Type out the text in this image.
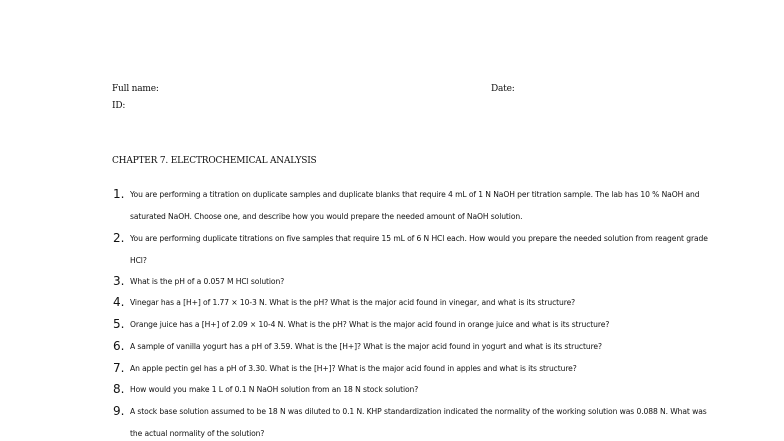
Full name:	Date:
ID:
CHAPTER 7. ELECTROCHEMICAL ANALYSIS
1 .	You are performing a titration on duplicate samples and duplicate blanks that require 4 mL of 1 N NaOH per titration sample. The lab has 10 % NaOH and
saturated NaOH. Choose one, and describe how you would prepare the needed amount of NaOH solution.
2 .	You are performing duplicate titrations on five samples that require 15 mL of 6 N HCl each. How would you prepare the needed solution from reagent grade
HCl?
3 .	What is the pH of a 0.057 M HCl solution?
4 .	Vinegar has a [H+] of 1.77 × 10-3 N. What is the pH? What is the major acid found in vinegar, and what is its structure?
5 .	Orange juice has a [H+] of 2.09 × 10-4 N. What is the pH? What is the major acid found in orange juice and what is its structure?
6 .	A sample of vanilla yogurt has a pH of 3.59. What is the [H+]? What is the major acid found in yogurt and what is its structure?
7 .	An apple pectin gel has a pH of 3.30. What is the [H+]? What is the major acid found in apples and what is its structure?
8 .	How would you make 1 L of 0.1 N NaOH solution from an 18 N stock solution?
9 .	A stock base solution assumed to be 18 N was diluted to 0.1 N. KHP standardization indicated the normality of the working solution was 0.088 N. What was
the actual normality of the solution?
